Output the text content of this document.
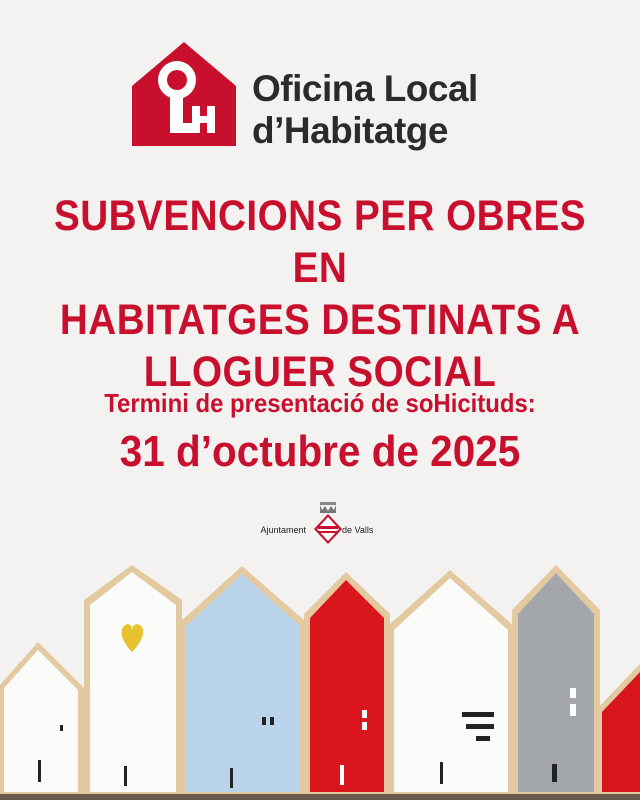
Oficina Local
d’Habitatge
SUBVENCIONS PER OBRES EN
HABITATGES DESTINATS A
LLOGUER SOCIAL
Termini de presentació de soHicituds:
31 d’octubre de 2025
Ajuntament	de Valls
